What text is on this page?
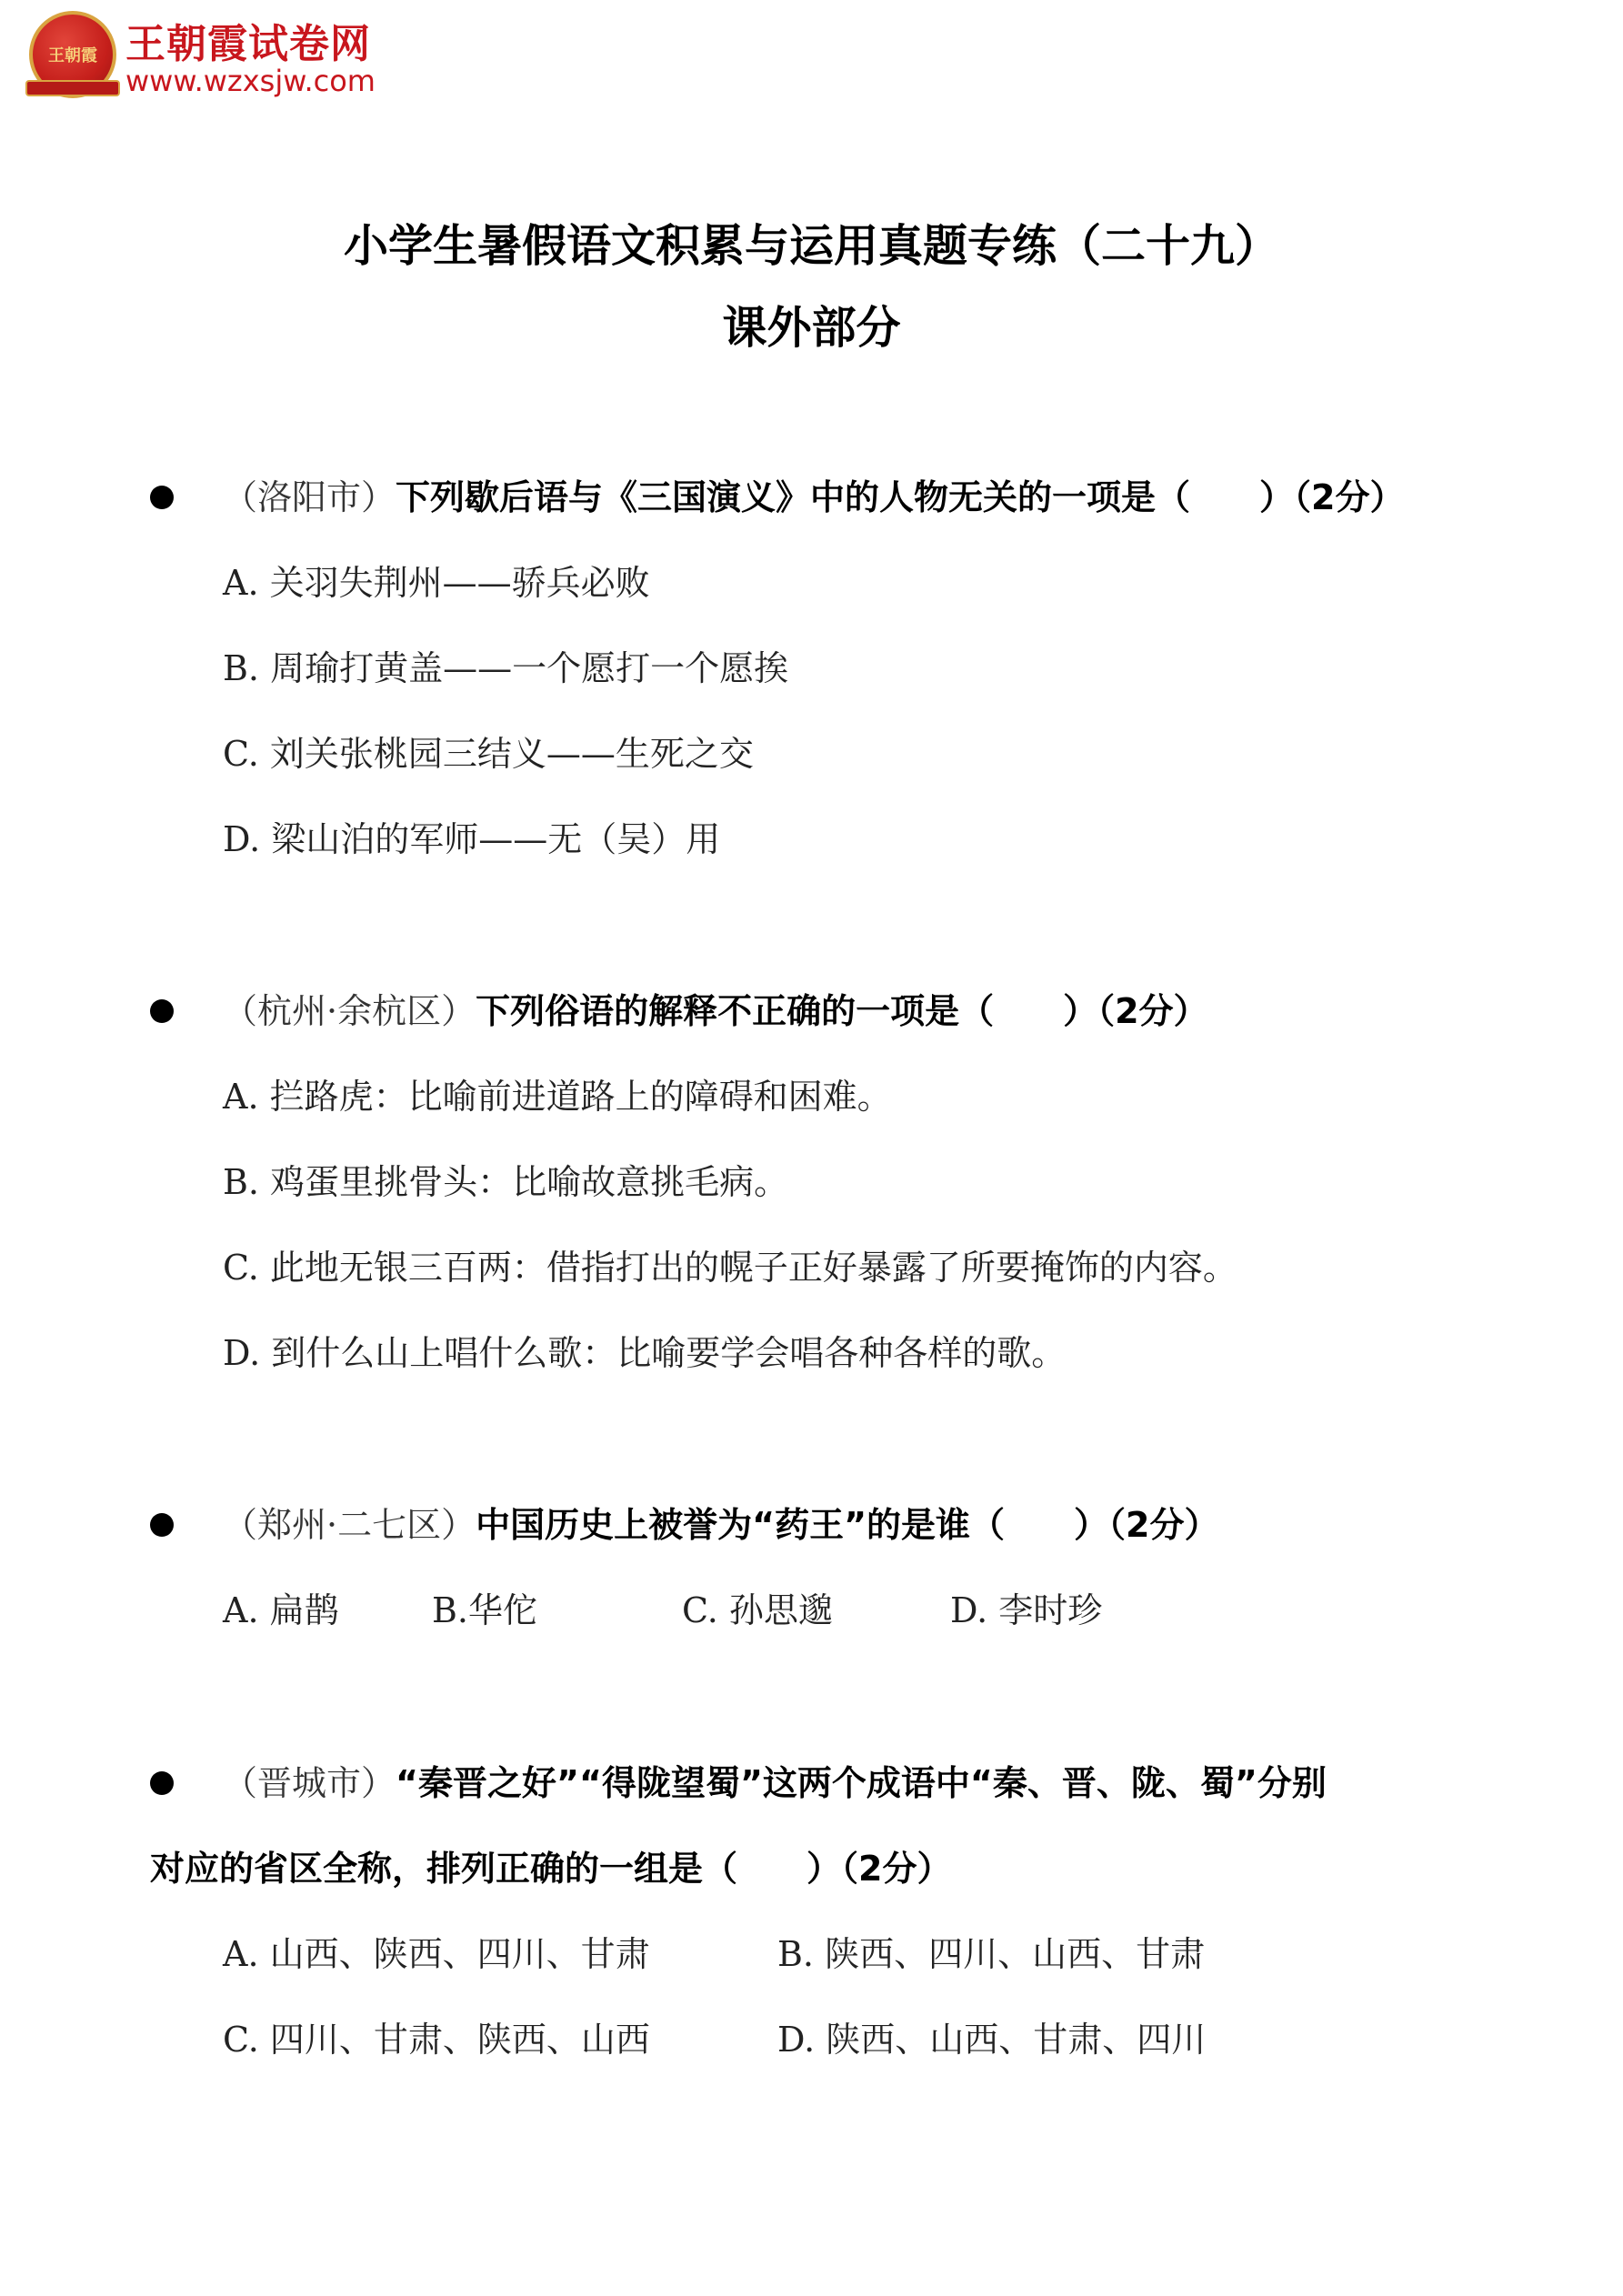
王朝霞 王朝霞试卷网
www.wzxsjw.com
小学生暑假语文积累与运用真题专练（二十九）
课外部分
（洛阳市）下列歇后语与《三国演义》中的人物无关的一项是（　　）（2分）
A. 关羽失荆州——骄兵必败
B. 周瑜打黄盖——一个愿打一个愿挨
C. 刘关张桃园三结义——生死之交
D. 梁山泊的军师——无（吴）用
（杭州·余杭区）下列俗语的解释不正确的一项是（　　）（2分）
A. 拦路虎：比喻前进道路上的障碍和困难。
B. 鸡蛋里挑骨头：比喻故意挑毛病。
C. 此地无银三百两：借指打出的幌子正好暴露了所要掩饰的内容。
D. 到什么山上唱什么歌：比喻要学会唱各种各样的歌。
（郑州·二七区）中国历史上被誉为“药王”的是谁（　　）（2分）
A. 扁鹊	B.华佗	C. 孙思邈	D. 李时珍
（晋城市）“秦晋之好”“得陇望蜀”这两个成语中“秦、晋、陇、蜀”分别
对应的省区全称，排列正确的一组是（　　）（2分）
A. 山西、陕西、四川、甘肃	B. 陕西、四川、山西、甘肃
C. 四川、甘肃、陕西、山西	D. 陕西、山西、甘肃、四川
